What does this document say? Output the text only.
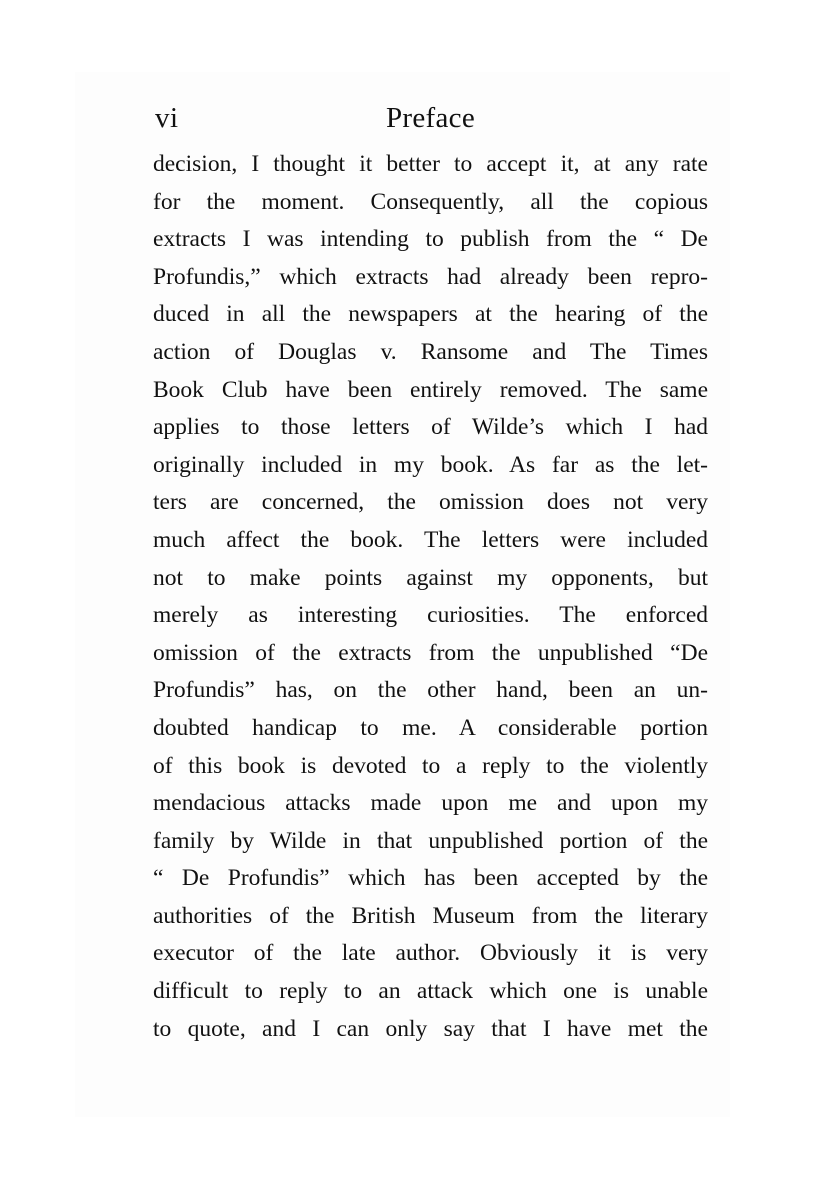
vi	Preface
decision, I thought it better to accept it, at any rate
for the moment. Consequently, all the copious
extracts I was intending to publish from the “ De
Profundis,” which extracts had already been repro-
duced in all the newspapers at the hearing of the
action of Douglas v. Ransome and The Times
Book Club have been entirely removed. The same
applies to those letters of Wilde’s which I had
originally included in my book. As far as the let-
ters are concerned, the omission does not very
much affect the book. The letters were included
not to make points against my opponents, but
merely as interesting curiosities. The enforced
omission of the extracts from the unpublished “De
Profundis” has, on the other hand, been an un-
doubted handicap to me. A considerable portion
of this book is devoted to a reply to the violently
mendacious attacks made upon me and upon my
family by Wilde in that unpublished portion of the
“ De Profundis” which has been accepted by the
authorities of the British Museum from the literary
executor of the late author. Obviously it is very
difficult to reply to an attack which one is unable
to quote, and I can only say that I have met the
